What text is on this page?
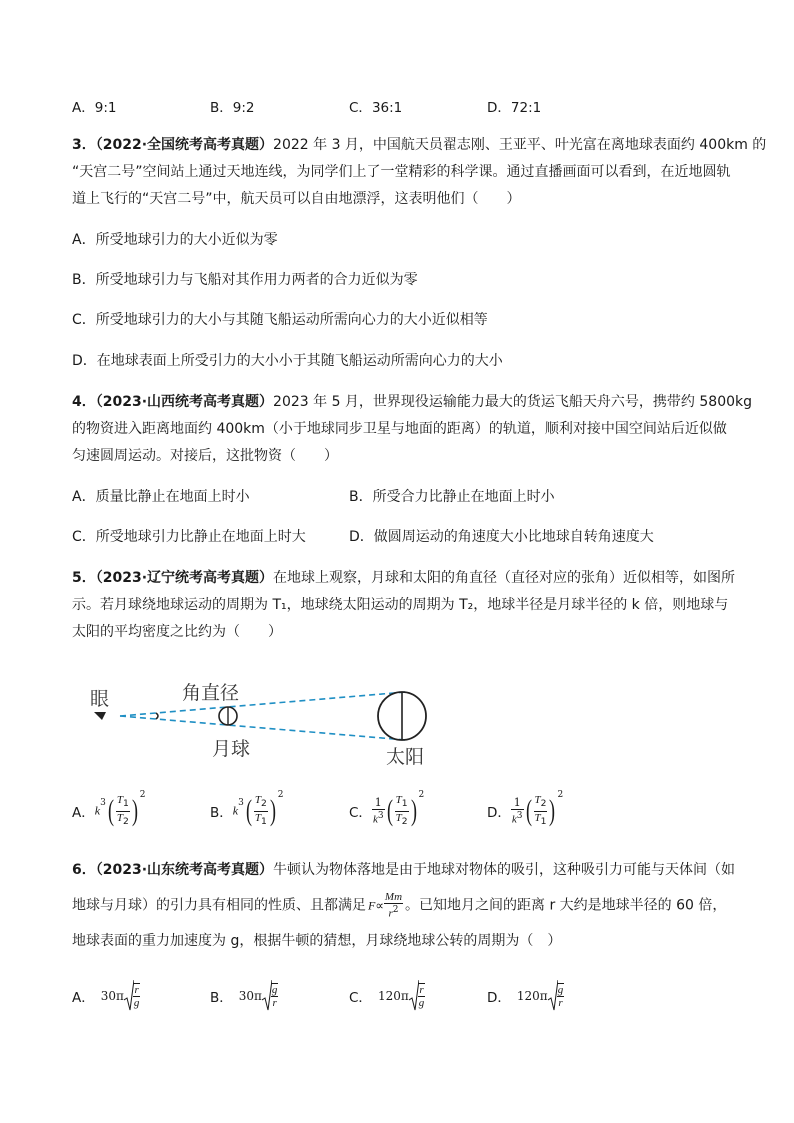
A．9:1	B．9:2	C．36:1	D．72:1
3．（2022·全国统考高考真题）2022 年 3 月，中国航天员翟志刚、王亚平、叶光富在离地球表面约 400km 的
“天宫二号”空间站上通过天地连线，为同学们上了一堂精彩的科学课。通过直播画面可以看到，在近地圆轨
道上飞行的“天宫二号”中，航天员可以自由地漂浮，这表明他们（　　）
A．所受地球引力的大小近似为零
B．所受地球引力与飞船对其作用力两者的合力近似为零
C．所受地球引力的大小与其随飞船运动所需向心力的大小近似相等
D．在地球表面上所受引力的大小小于其随飞船运动所需向心力的大小
4．（2023·山西统考高考真题）2023 年 5 月，世界现役运输能力最大的货运飞船天舟六号，携带约 5800kg
的物资进入距离地面约 400km（小于地球同步卫星与地面的距离）的轨道，顺利对接中国空间站后近似做
匀速圆周运动。对接后，这批物资（　　）
A．质量比静止在地面上时小	B．所受合力比静止在地面上时小
C．所受地球引力比静止在地面上时大	D．做圆周运动的角速度大小比地球自转角速度大
5．（2023·辽宁统考高考真题）在地球上观察，月球和太阳的角直径（直径对应的张角）近似相等，如图所
示。若月球绕地球运动的周期为 T₁，地球绕太阳运动的周期为 T₂，地球半径是月球半径的 k 倍，则地球与
太阳的平均密度之比约为（　　）
眼	角直径
月球	太阳
A．$k^3( \frac{T_1}{T_2}$ ) $^2$
B．$k^3( \frac{T_2}{T_1}$ ) $^2$
C． $\frac{1}{k^3}$ ( $\frac{T_1}{T_2}$ ) $^2$
D． $\frac{1}{k^3}$ ( $\frac{T_2}{T_1}$ ) $^2$
6．（2023·山东统考高考真题）牛顿认为物体落地是由于地球对物体的吸引，这种吸引力可能与天体间（如
地球与月球）的引力具有相同的性质、且都满足 $F\propto \frac{Mm}{r^2}$ 。已知地月之间的距离 r 大约是地球半径的 60 倍，
地球表面的重力加速度为 g，根据牛顿的猜想，月球绕地球公转的周期为（　）
A． $30\pi \frac{r}{g}$	B． $30\pi \frac{g}{r}$	C． $120\pi \frac{r}{g}$	D． $120\pi \frac{g}{r}$
